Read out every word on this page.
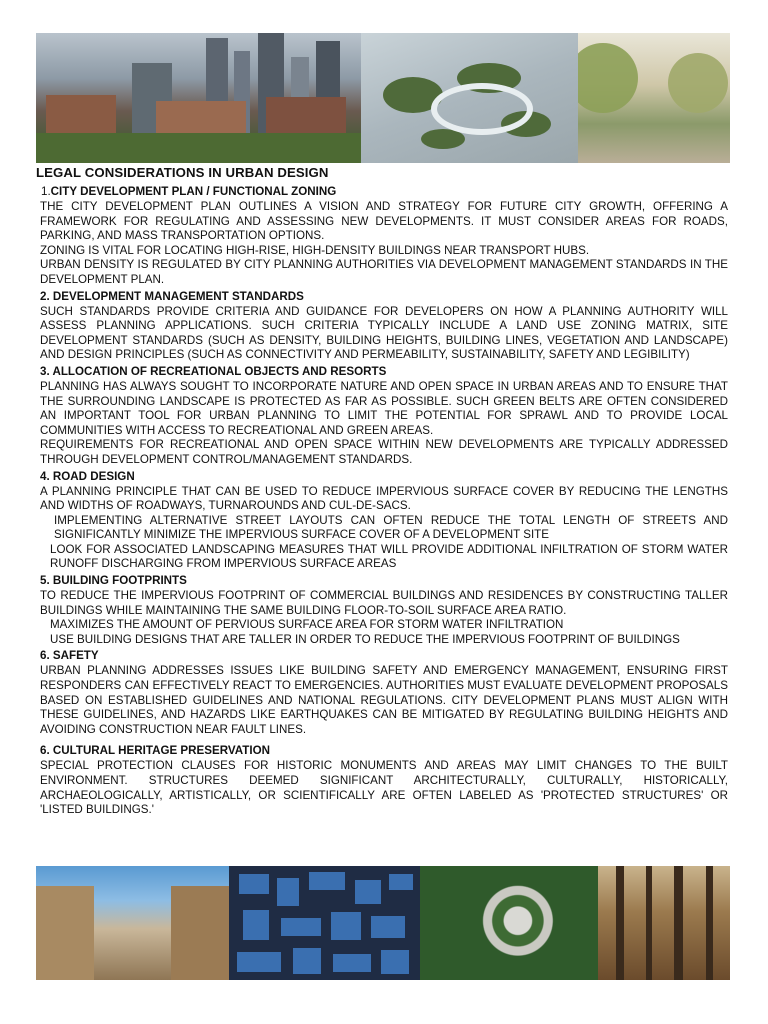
LEGAL CONSIDERATIONS IN URBAN DESIGN
1.CITY DEVELOPMENT PLAN / FUNCTIONAL ZONING

THE CITY DEVELOPMENT PLAN OUTLINES A VISION AND STRATEGY FOR FUTURE CITY GROWTH, OFFERING A FRAMEWORK FOR REGULATING AND ASSESSING NEW DEVELOPMENTS. IT MUST CONSIDER AREAS FOR ROADS, PARKING, AND MASS TRANSPORTATION OPTIONS.

ZONING IS VITAL FOR LOCATING HIGH-RISE, HIGH-DENSITY BUILDINGS NEAR TRANSPORT HUBS.

URBAN DENSITY IS REGULATED BY CITY PLANNING AUTHORITIES VIA DEVELOPMENT MANAGEMENT STANDARDS IN THE DEVELOPMENT PLAN.

2. DEVELOPMENT MANAGEMENT STANDARDS

SUCH STANDARDS PROVIDE CRITERIA AND GUIDANCE FOR DEVELOPERS ON HOW A PLANNING AUTHORITY WILL ASSESS PLANNING APPLICATIONS. SUCH CRITERIA TYPICALLY INCLUDE A LAND USE ZONING MATRIX, SITE DEVELOPMENT STANDARDS (SUCH AS DENSITY, BUILDING HEIGHTS, BUILDING LINES, VEGETATION AND LANDSCAPE) AND DESIGN PRINCIPLES (SUCH AS CONNECTIVITY AND PERMEABILITY, SUSTAINABILITY, SAFETY AND LEGIBILITY)

3. ALLOCATION OF RECREATIONAL OBJECTS AND RESORTS

PLANNING HAS ALWAYS SOUGHT TO INCORPORATE NATURE AND OPEN SPACE IN URBAN AREAS AND TO ENSURE THAT THE SURROUNDING LANDSCAPE IS PROTECTED AS FAR AS POSSIBLE. SUCH GREEN BELTS ARE OFTEN CONSIDERED AN IMPORTANT TOOL FOR URBAN PLANNING TO LIMIT THE POTENTIAL FOR SPRAWL AND TO PROVIDE LOCAL COMMUNITIES WITH ACCESS TO RECREATIONAL AND GREEN AREAS.

REQUIREMENTS FOR RECREATIONAL AND OPEN SPACE WITHIN NEW DEVELOPMENTS ARE TYPICALLY ADDRESSED THROUGH DEVELOPMENT CONTROL/MANAGEMENT STANDARDS.

4. ROAD DESIGN

A PLANNING PRINCIPLE THAT CAN BE USED TO REDUCE IMPERVIOUS SURFACE COVER BY REDUCING THE LENGTHS AND WIDTHS OF ROADWAYS, TURNAROUNDS AND CUL-DE-SACS.

IMPLEMENTING ALTERNATIVE STREET LAYOUTS CAN OFTEN REDUCE THE TOTAL LENGTH OF STREETS AND SIGNIFICANTLY MINIMIZE THE IMPERVIOUS SURFACE COVER OF A DEVELOPMENT SITE

LOOK FOR ASSOCIATED LANDSCAPING MEASURES THAT WILL PROVIDE ADDITIONAL INFILTRATION OF STORM WATER RUNOFF DISCHARGING FROM IMPERVIOUS SURFACE AREAS

5. BUILDING FOOTPRINTS

TO REDUCE THE IMPERVIOUS FOOTPRINT OF COMMERCIAL BUILDINGS AND RESIDENCES BY CONSTRUCTING TALLER BUILDINGS WHILE MAINTAINING THE SAME BUILDING FLOOR-TO-SOIL SURFACE AREA RATIO.

MAXIMIZES THE AMOUNT OF PERVIOUS SURFACE AREA FOR STORM WATER INFILTRATION

USE BUILDING DESIGNS THAT ARE TALLER IN ORDER TO REDUCE THE IMPERVIOUS FOOTPRINT OF BUILDINGS

6. SAFETY

URBAN PLANNING ADDRESSES ISSUES LIKE BUILDING SAFETY AND EMERGENCY MANAGEMENT, ENSURING FIRST RESPONDERS CAN EFFECTIVELY REACT TO EMERGENCIES. AUTHORITIES MUST EVALUATE DEVELOPMENT PROPOSALS BASED ON ESTABLISHED GUIDELINES AND NATIONAL REGULATIONS. CITY DEVELOPMENT PLANS MUST ALIGN WITH THESE GUIDELINES, AND HAZARDS LIKE EARTHQUAKES CAN BE MITIGATED BY REGULATING BUILDING HEIGHTS AND AVOIDING CONSTRUCTION NEAR FAULT LINES.

6. CULTURAL HERITAGE PRESERVATION

SPECIAL PROTECTION CLAUSES FOR HISTORIC MONUMENTS AND AREAS MAY LIMIT CHANGES TO THE BUILT ENVIRONMENT. STRUCTURES DEEMED SIGNIFICANT ARCHITECTURALLY, CULTURALLY, HISTORICALLY, ARCHAEOLOGICALLY, ARTISTICALLY, OR SCIENTIFICALLY ARE OFTEN LABELED AS 'PROTECTED STRUCTURES' OR 'LISTED BUILDINGS.'
